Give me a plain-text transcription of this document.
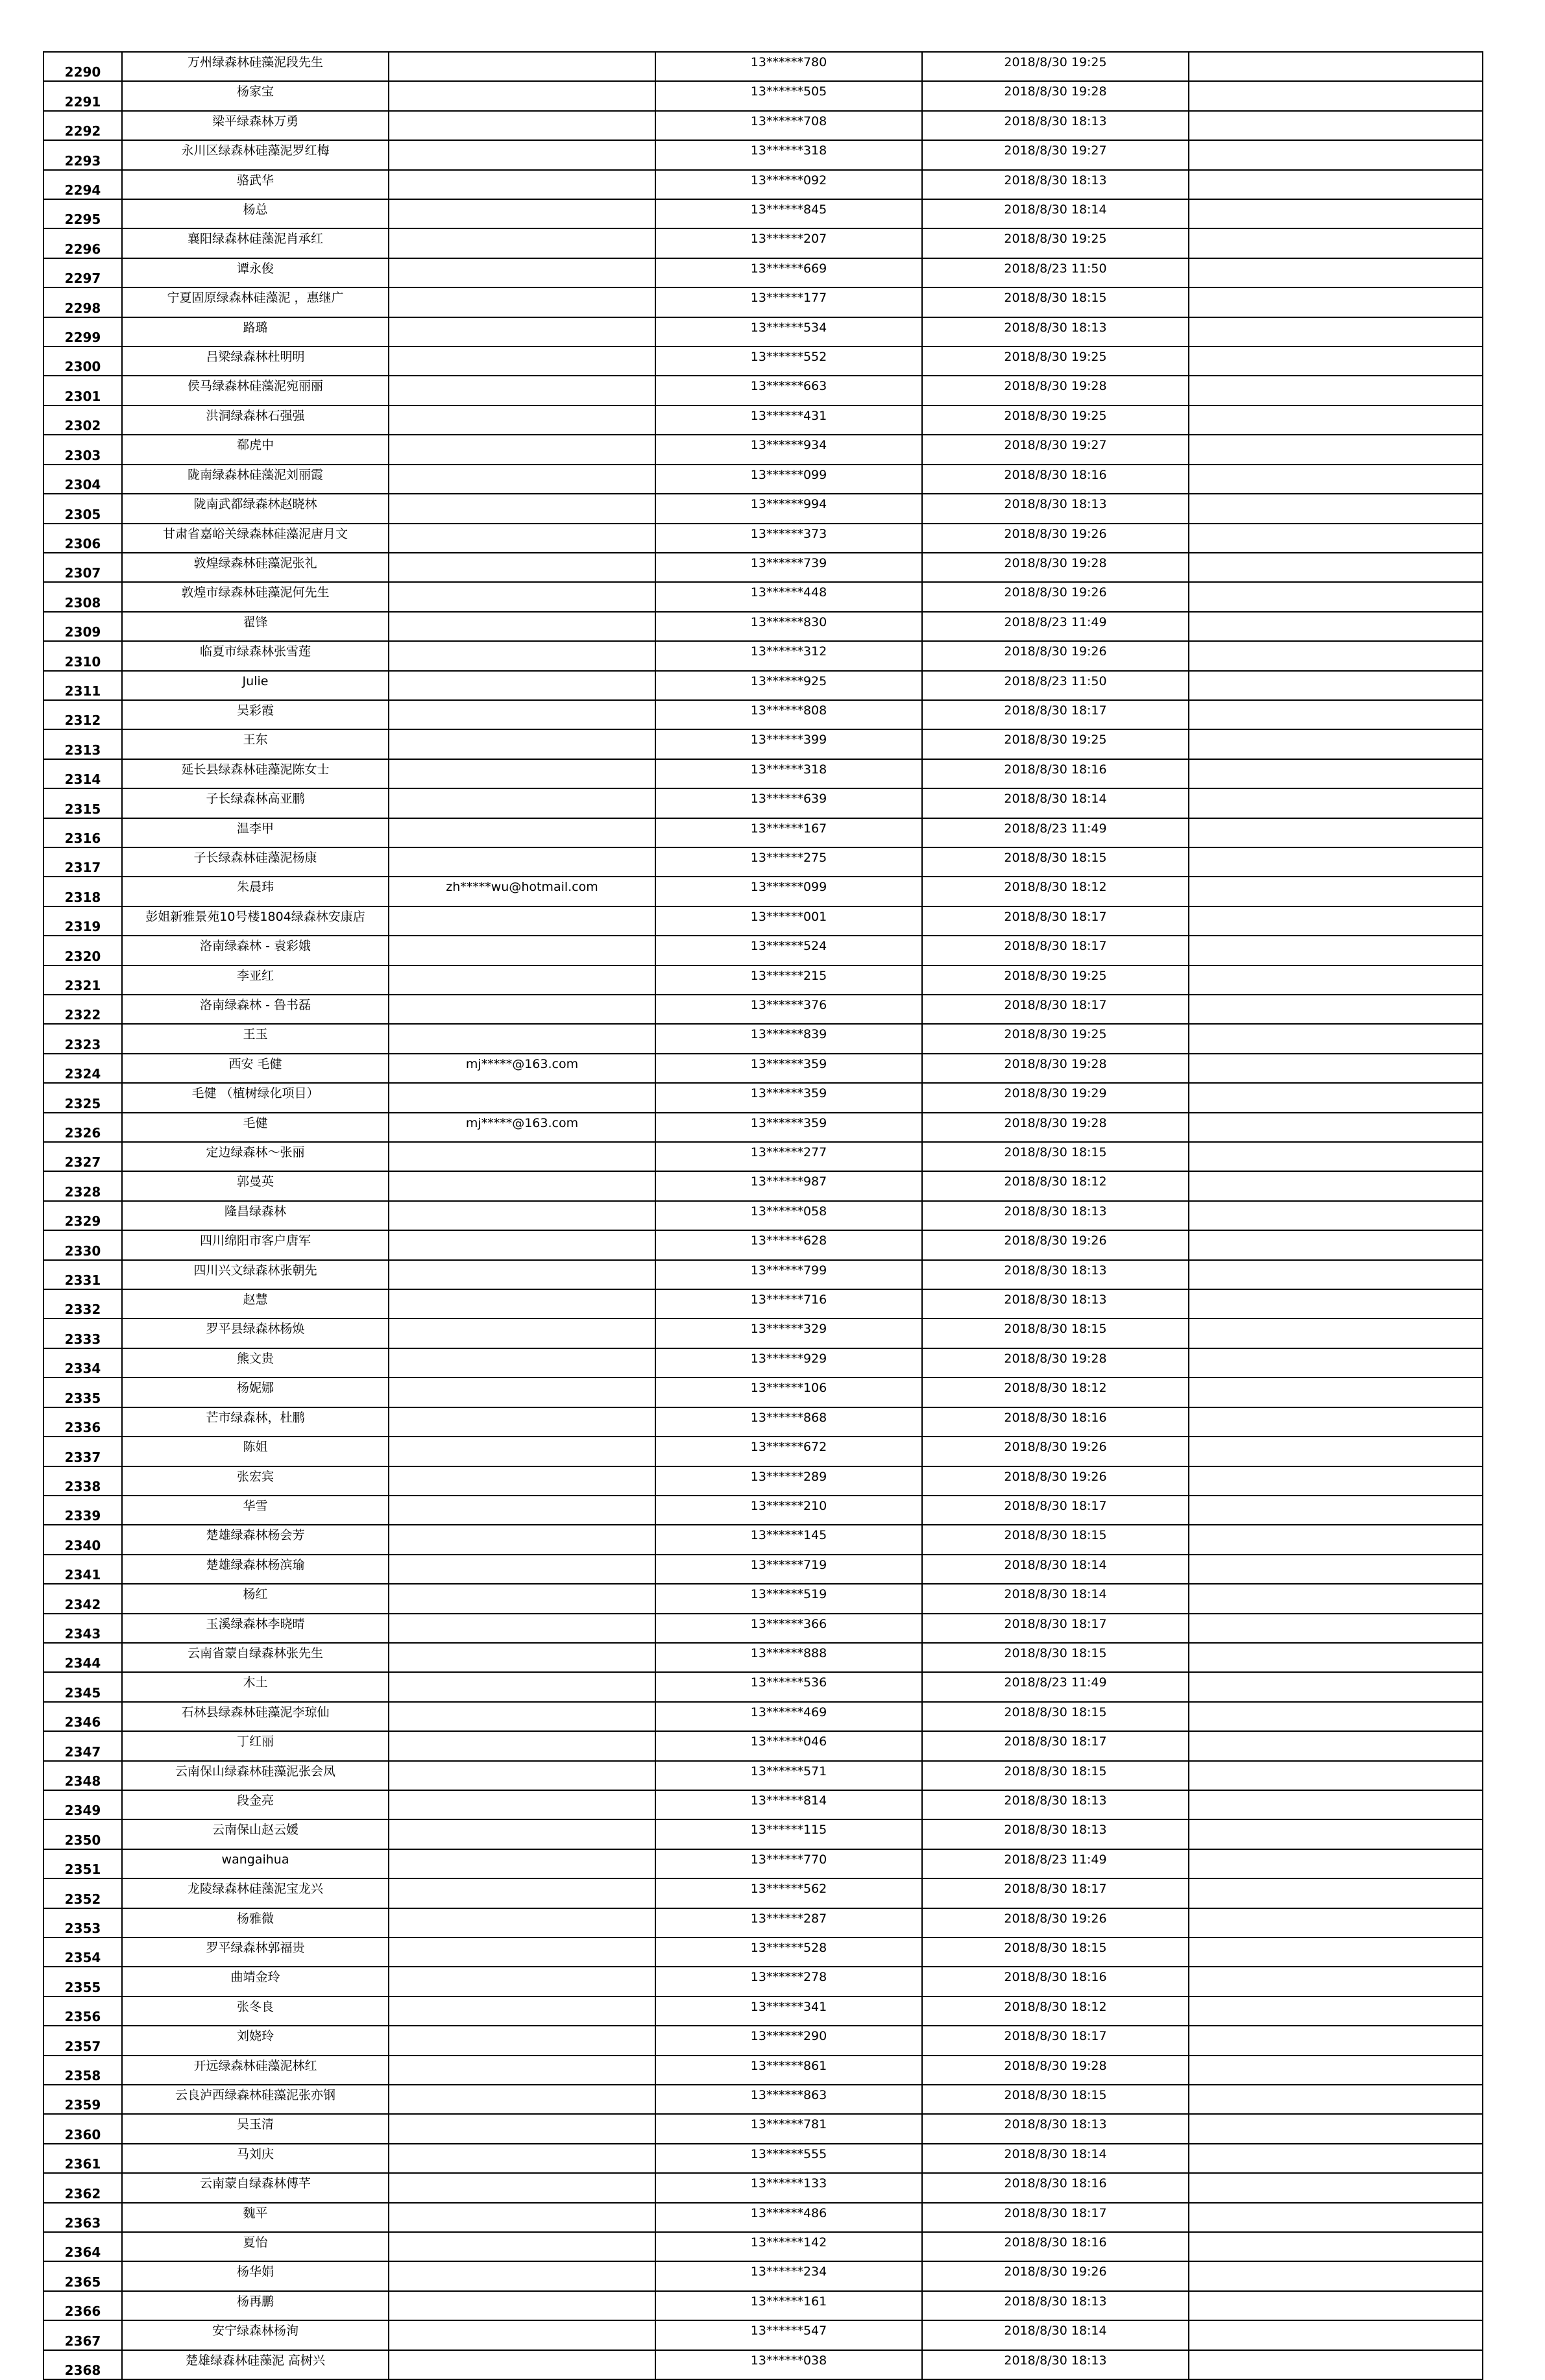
2290	万州绿森林硅藻泥段先生		13******780	2018/8/30 19:25	
2291	杨家宝		13******505	2018/8/30 19:28	
2292	梁平绿森林万勇		13******708	2018/8/30 18:13	
2293	永川区绿森林硅藻泥罗红梅		13******318	2018/8/30 19:27	
2294	骆武华		13******092	2018/8/30 18:13	
2295	杨总		13******845	2018/8/30 18:14	
2296	襄阳绿森林硅藻泥肖承红		13******207	2018/8/30 19:25	
2297	谭永俊		13******669	2018/8/23 11:50	
2298	宁夏固原绿森林硅藻泥 ，惠继广		13******177	2018/8/30 18:15	
2299	路璐		13******534	2018/8/30 18:13	
2300	吕梁绿森林杜明明		13******552	2018/8/30 19:25	
2301	侯马绿森林硅藻泥宛丽丽		13******663	2018/8/30 19:28	
2302	洪洞绿森林石强强		13******431	2018/8/30 19:25	
2303	郗虎中		13******934	2018/8/30 19:27	
2304	陇南绿森林硅藻泥刘丽霞		13******099	2018/8/30 18:16	
2305	陇南武都绿森林赵晓林		13******994	2018/8/30 18:13	
2306	甘肃省嘉峪关绿森林硅藻泥唐月文		13******373	2018/8/30 19:26	
2307	敦煌绿森林硅藻泥张礼		13******739	2018/8/30 19:28	
2308	敦煌市绿森林硅藻泥何先生		13******448	2018/8/30 19:26	
2309	翟锋		13******830	2018/8/23 11:49	
2310	临夏市绿森林张雪莲		13******312	2018/8/30 19:26	
2311	Julie		13******925	2018/8/23 11:50	
2312	吴彩霞		13******808	2018/8/30 18:17	
2313	王东		13******399	2018/8/30 19:25	
2314	延长县绿森林硅藻泥陈女士		13******318	2018/8/30 18:16	
2315	子长绿森林高亚鹏		13******639	2018/8/30 18:14	
2316	温李甲		13******167	2018/8/23 11:49	
2317	子长绿森林硅藻泥杨康		13******275	2018/8/30 18:15	
2318	朱晨玮	zh*****wu@hotmail.com	13******099	2018/8/30 18:12	
2319	彭姐新雅景苑10号楼1804绿森林安康店		13******001	2018/8/30 18:17	
2320	洛南绿森林 - 袁彩娥		13******524	2018/8/30 18:17	
2321	李亚红		13******215	2018/8/30 19:25	
2322	洛南绿森林 - 鲁书磊		13******376	2018/8/30 18:17	
2323	王玉		13******839	2018/8/30 19:25	
2324	西安 毛健	mj*****@163.com	13******359	2018/8/30 19:28	
2325	毛健 （植树绿化项目）		13******359	2018/8/30 19:29	
2326	毛健	mj*****@163.com	13******359	2018/8/30 19:28	
2327	定边绿森林～张丽		13******277	2018/8/30 18:15	
2328	郭曼英		13******987	2018/8/30 18:12	
2329	隆昌绿森林		13******058	2018/8/30 18:13	
2330	四川绵阳市客户唐军		13******628	2018/8/30 19:26	
2331	四川兴文绿森林张朝先		13******799	2018/8/30 18:13	
2332	赵慧		13******716	2018/8/30 18:13	
2333	罗平县绿森林杨焕		13******329	2018/8/30 18:15	
2334	熊文贵		13******929	2018/8/30 19:28	
2335	杨妮娜		13******106	2018/8/30 18:12	
2336	芒市绿森林，杜鹏		13******868	2018/8/30 18:16	
2337	陈姐		13******672	2018/8/30 19:26	
2338	张宏宾		13******289	2018/8/30 19:26	
2339	华雪		13******210	2018/8/30 18:17	
2340	楚雄绿森林杨会芳		13******145	2018/8/30 18:15	
2341	楚雄绿森林杨滨瑜		13******719	2018/8/30 18:14	
2342	杨红		13******519	2018/8/30 18:14	
2343	玉溪绿森林李晓晴		13******366	2018/8/30 18:17	
2344	云南省蒙自绿森林张先生		13******888	2018/8/30 18:15	
2345	木土		13******536	2018/8/23 11:49	
2346	石林县绿森林硅藻泥李琼仙		13******469	2018/8/30 18:15	
2347	丁红丽		13******046	2018/8/30 18:17	
2348	云南保山绿森林硅藻泥张会凤		13******571	2018/8/30 18:15	
2349	段金亮		13******814	2018/8/30 18:13	
2350	云南保山赵云媛		13******115	2018/8/30 18:13	
2351	wangaihua		13******770	2018/8/23 11:49	
2352	龙陵绿森林硅藻泥宝龙兴		13******562	2018/8/30 18:17	
2353	杨雅微		13******287	2018/8/30 19:26	
2354	罗平绿森林郭福贵		13******528	2018/8/30 18:15	
2355	曲靖金玲		13******278	2018/8/30 18:16	
2356	张冬良		13******341	2018/8/30 18:12	
2357	刘娆玲		13******290	2018/8/30 18:17	
2358	开远绿森林硅藻泥林红		13******861	2018/8/30 19:28	
2359	云良泸西绿森林硅藻泥张亦钢		13******863	2018/8/30 18:15	
2360	吴玉清		13******781	2018/8/30 18:13	
2361	马刘庆		13******555	2018/8/30 18:14	
2362	云南蒙自绿森林傅芊		13******133	2018/8/30 18:16	
2363	魏平		13******486	2018/8/30 18:17	
2364	夏怡		13******142	2018/8/30 18:16	
2365	杨华娟		13******234	2018/8/30 19:26	
2366	杨再鹏		13******161	2018/8/30 18:13	
2367	安宁绿森林杨洵		13******547	2018/8/30 18:14	
2368	楚雄绿森林硅藻泥 高树兴		13******038	2018/8/30 18:13	
